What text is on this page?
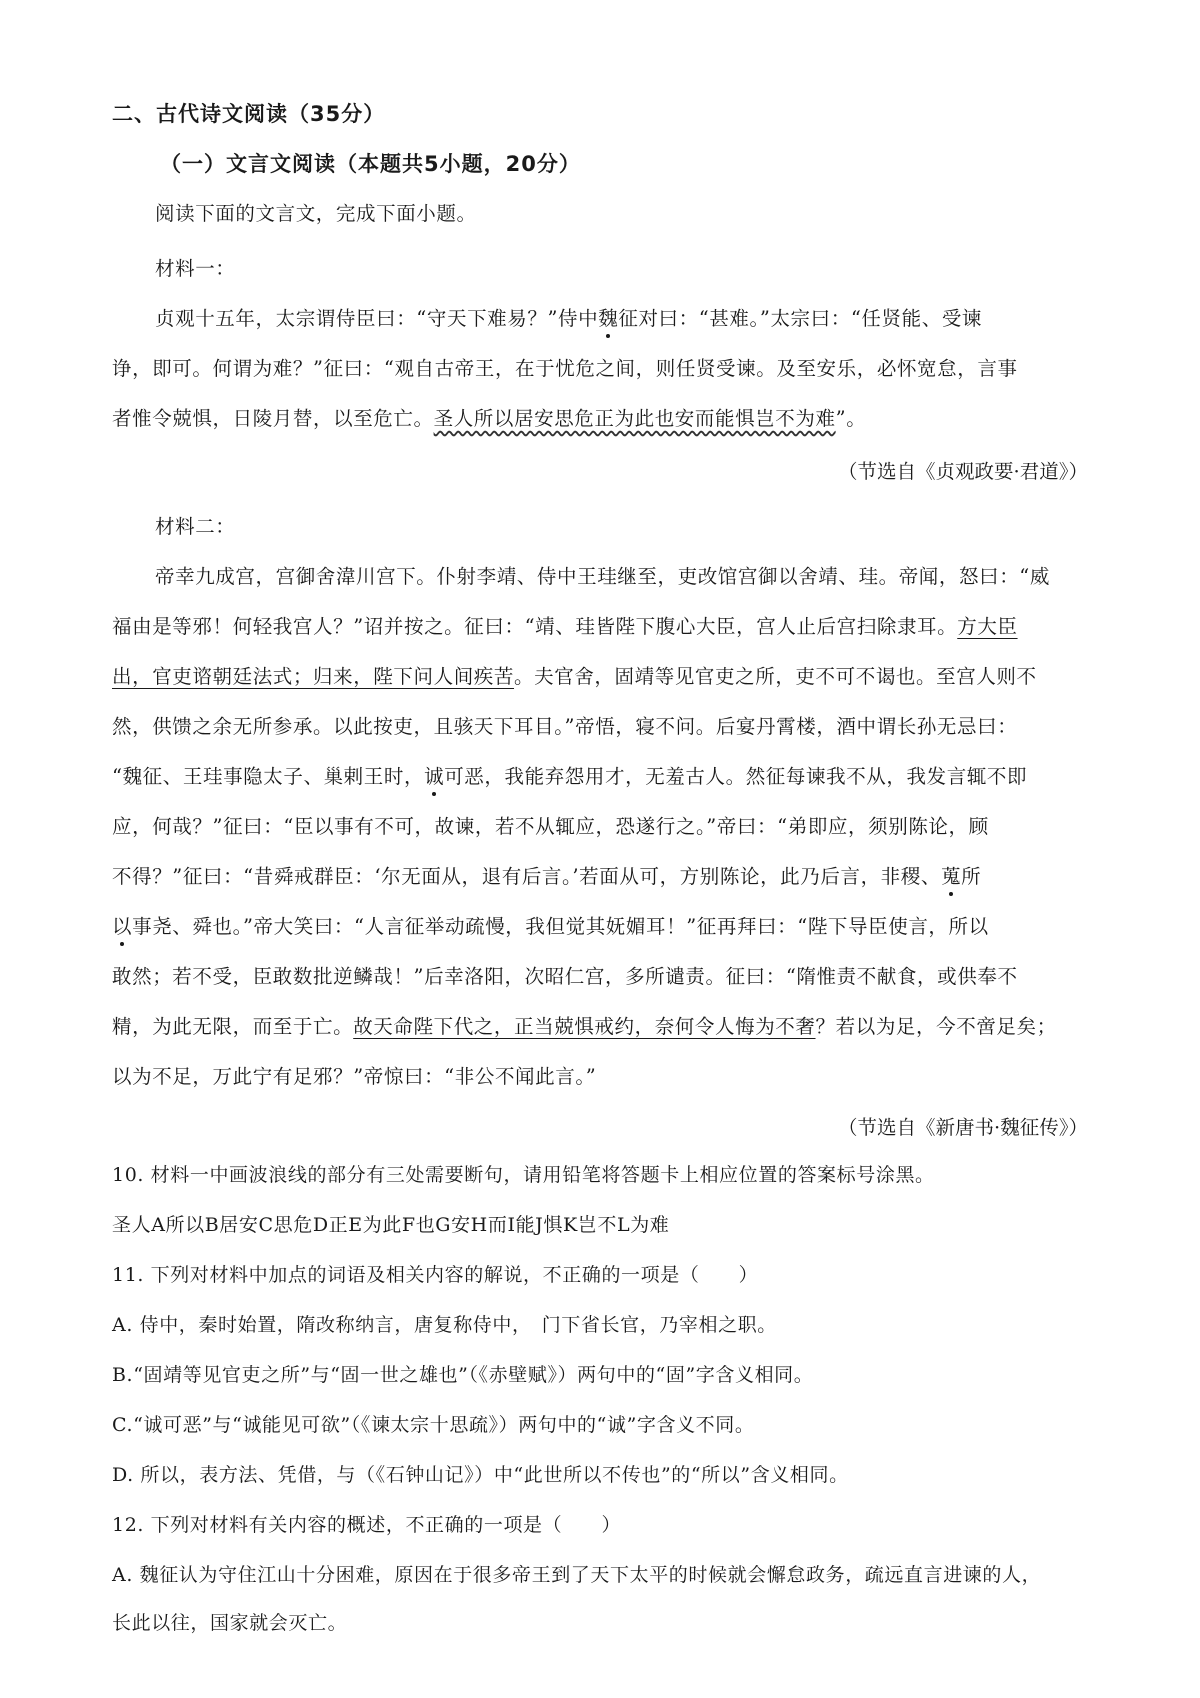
二、古代诗文阅读（35分）
（一）文言文阅读（本题共5小题，20分）
阅读下面的文言文，完成下面小题。
材料一：
贞观十五年，太宗谓侍臣曰：“守天下难易？”侍中魏征对曰：“甚难。”太宗曰：“任贤能、受谏
诤，即可。何谓为难？”征曰：“观自古帝王，在于忧危之间，则任贤受谏。及至安乐，必怀宽怠，言事
者惟令兢惧，日陵月替，以至危亡。圣人所以居安思危正为此也安而能惧岂不为难”。
（节选自《贞观政要·君道》）
材料二：
帝幸九成宫，宫御舍湋川宫下。仆射李靖、侍中王珪继至，吏改馆宫御以舍靖、珪。帝闻，怒曰：“威
福由是等邪！何轻我宫人？”诏并按之。征曰：“靖、珪皆陛下腹心大臣，宫人止后宫扫除隶耳。方大臣
出，官吏谘朝廷法式；归来，陛下问人间疾苦。夫官舍，固靖等见官吏之所，吏不可不谒也。至宫人则不
然，供馈之余无所参承。以此按吏，且骇天下耳目。”帝悟，寝不问。后宴丹霄楼，酒中谓长孙无忌曰：
“魏征、王珪事隐太子、巢剌王时，诚可恶，我能弃怨用才，无羞古人。然征每谏我不从，我发言辄不即
应，何哉？”征曰：“臣以事有不可，故谏，若不从辄应，恐遂行之。”帝曰：“弟即应，须别陈论，顾
不得？”征曰：“昔舜戒群臣：‘尔无面从，退有后言。’若面从可，方别陈论，此乃后言，非稷、蒐所
以事尧、舜也。”帝大笑曰：“人言征举动疏慢，我但觉其妩媚耳！”征再拜曰：“陛下导臣使言，所以
敢然；若不受，臣敢数批逆鳞哉！”后幸洛阳，次昭仁宫，多所谴责。征曰：“隋惟责不献食，或供奉不
精，为此无限，而至于亡。故天命陛下代之，正当兢惧戒约，奈何令人悔为不奢？若以为足，今不啻足矣；
以为不足，万此宁有足邪？”帝惊曰：“非公不闻此言。”
（节选自《新唐书·魏征传》）
10. 材料一中画波浪线的部分有三处需要断句，请用铅笔将答题卡上相应位置的答案标号涂黑。
圣人A所以B居安C思危D正E为此F也G安H而I能J惧K岂不L为难
11. 下列对材料中加点的词语及相关内容的解说，不正确的一项是（　　）
A. 侍中，秦时始置，隋改称纳言，唐复称侍中，　门下省长官，乃宰相之职。
B.“固靖等见官吏之所”与“固一世之雄也”（《赤壁赋》）两句中的“固”字含义相同。
C.“诚可恶”与“诚能见可欲”（《谏太宗十思疏》）两句中的“诚”字含义不同。
D. 所以，表方法、凭借，与（《石钟山记》）中“此世所以不传也”的“所以”含义相同。
12. 下列对材料有关内容的概述，不正确的一项是（　　）
A. 魏征认为守住江山十分困难，原因在于很多帝王到了天下太平的时候就会懈怠政务，疏远直言进谏的人，
长此以往，国家就会灭亡。
